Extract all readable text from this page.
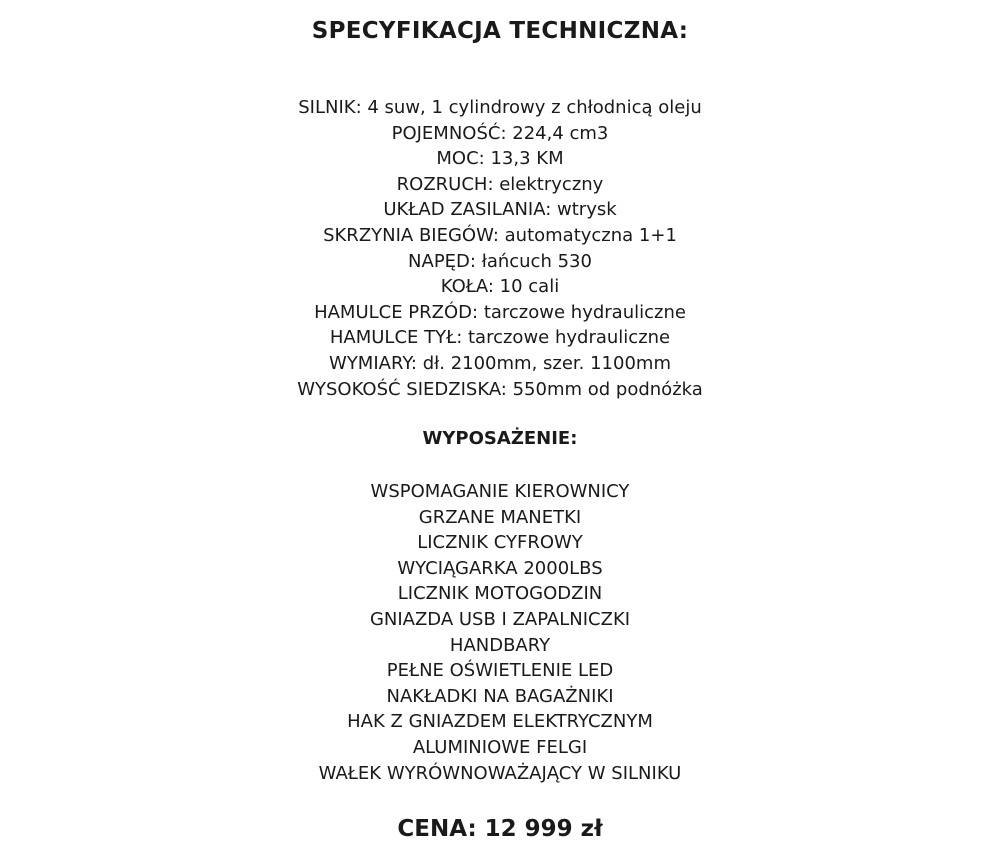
SPECYFIKACJA TECHNICZNA:
SILNIK: 4 suw, 1 cylindrowy z chłodnicą oleju
POJEMNOŚĆ: 224,4 cm3
MOC: 13,3 KM
ROZRUCH: elektryczny
UKŁAD ZASILANIA: wtrysk
SKRZYNIA BIEGÓW: automatyczna 1+1
NAPĘD: łańcuch 530
KOŁA: 10 cali
HAMULCE PRZÓD: tarczowe hydrauliczne
HAMULCE TYŁ: tarczowe hydrauliczne
WYMIARY: dł. 2100mm, szer. 1100mm
WYSOKOŚĆ SIEDZISKA: 550mm od podnóżka
WYPOSAŻENIE:
WSPOMAGANIE KIEROWNICY
GRZANE MANETKI
LICZNIK CYFROWY
WYCIĄGARKA 2000LBS
LICZNIK MOTOGODZIN
GNIAZDA USB I ZAPALNICZKI
HANDBARY
PEŁNE OŚWIETLENIE LED
NAKŁADKI NA BAGAŻNIKI
HAK Z GNIAZDEM ELEKTRYCZNYM
ALUMINIOWE FELGI
WAŁEK WYRÓWNOWAŻAJĄCY W SILNIKU
CENA: 12 999 zł
